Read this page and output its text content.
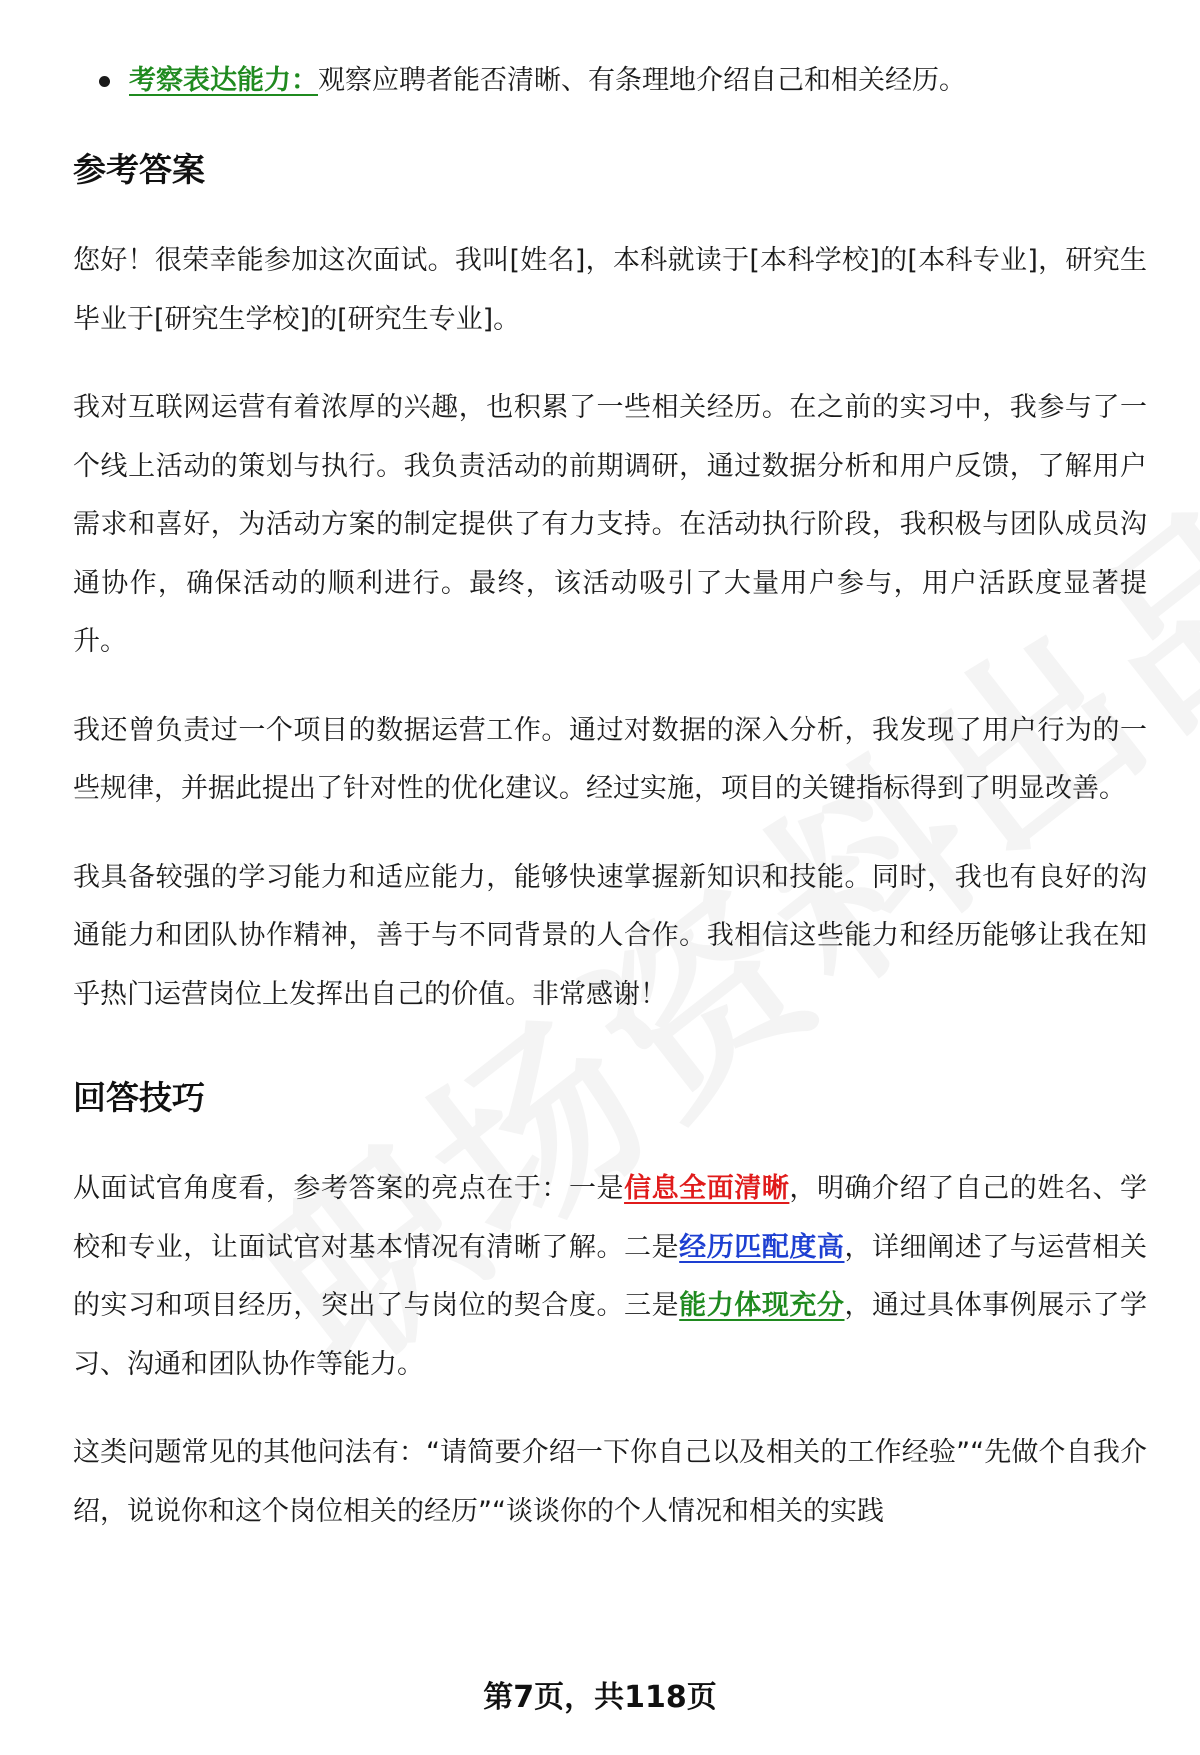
考察表达能力：观察应聘者能否清晰、有条理地介绍自己和相关经历。
参考答案

您好！很荣幸能参加这次面试。我叫[姓名]，本科就读于[本科学校]的[本科专业]，研究生毕业于[研究生学校]的[研究生专业]。

我对互联网运营有着浓厚的兴趣，也积累了一些相关经历。在之前的实习中，我参与了一个线上活动的策划与执行。我负责活动的前期调研，通过数据分析和用户反馈，了解用户需求和喜好，为活动方案的制定提供了有力支持。在活动执行阶段，我积极与团队成员沟通协作，确保活动的顺利进行。最终，该活动吸引了大量用户参与，用户活跃度显著提升。

我还曾负责过一个项目的数据运营工作。通过对数据的深入分析，我发现了用户行为的一些规律，并据此提出了针对性的优化建议。经过实施，项目的关键指标得到了明显改善。

我具备较强的学习能力和适应能力，能够快速掌握新知识和技能。同时，我也有良好的沟通能力和团队协作精神，善于与不同背景的人合作。我相信这些能力和经历能够让我在知乎热门运营岗位上发挥出自己的价值。非常感谢！

回答技巧

从面试官角度看，参考答案的亮点在于：一是信息全面清晰，明确介绍了自己的姓名、学校和专业，让面试官对基本情况有清晰了解。二是经历匹配度高，详细阐述了与运营相关的实习和项目经历，突出了与岗位的契合度。三是能力体现充分，通过具体事例展示了学习、沟通和团队协作等能力。

这类问题常见的其他问法有：“请简要介绍一下你自己以及相关的工作经验”“先做个自我介绍，说说你和这个岗位相关的经历”“谈谈你的个人情况和相关的实践

第7页，共118页
